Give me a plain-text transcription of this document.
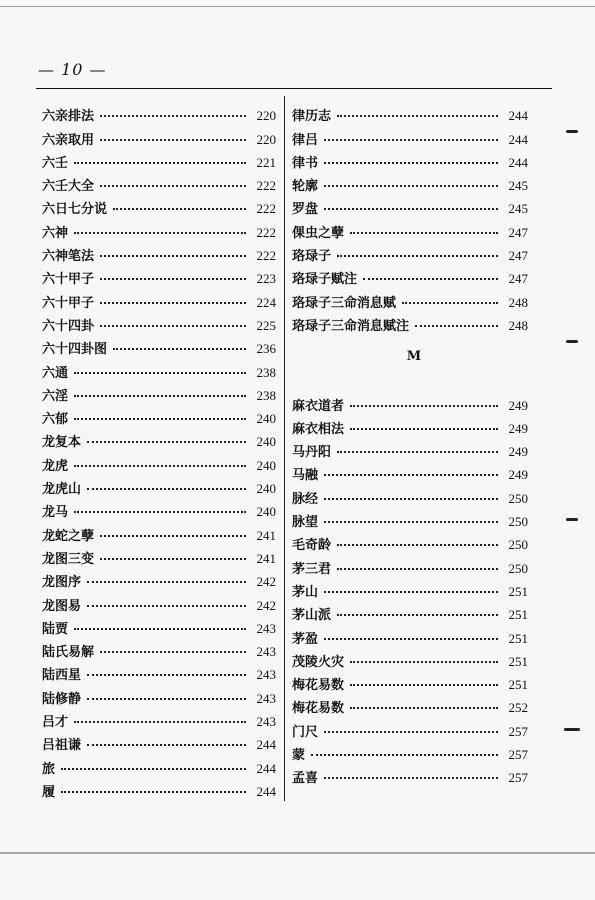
— 10 —
六亲排法	220
六亲取用	220
六壬	221
六壬大全	222
六日七分说	222
六神	222
六神笔法	222
六十甲子	223
六十甲子	224
六十四卦	225
六十四卦图	236
六通	238
六淫	238
六郁	240
龙复本	240
龙虎	240
龙虎山	240
龙马	240
龙蛇之孽	241
龙图三变	241
龙图序	242
龙图易	242
陆贾	243
陆氏易解	243
陆西星	243
陆修静	243
吕才	243
吕祖谦	244
旅	244
履	244
律历志	244
律吕	244
律书	244
轮廓	245
罗盘	245
倮虫之孽	247
珞琭子	247
珞琭子赋注	247
珞琭子三命消息赋	248
珞琭子三命消息赋注	248
M
麻衣道者	249
麻衣相法	249
马丹阳	249
马融	249
脉经	250
脉望	250
毛奇龄	250
茅三君	250
茅山	251
茅山派	251
茅盈	251
茂陵火灾	251
梅花易数	251
梅花易数	252
门尺	257
蒙	257
孟喜	257
